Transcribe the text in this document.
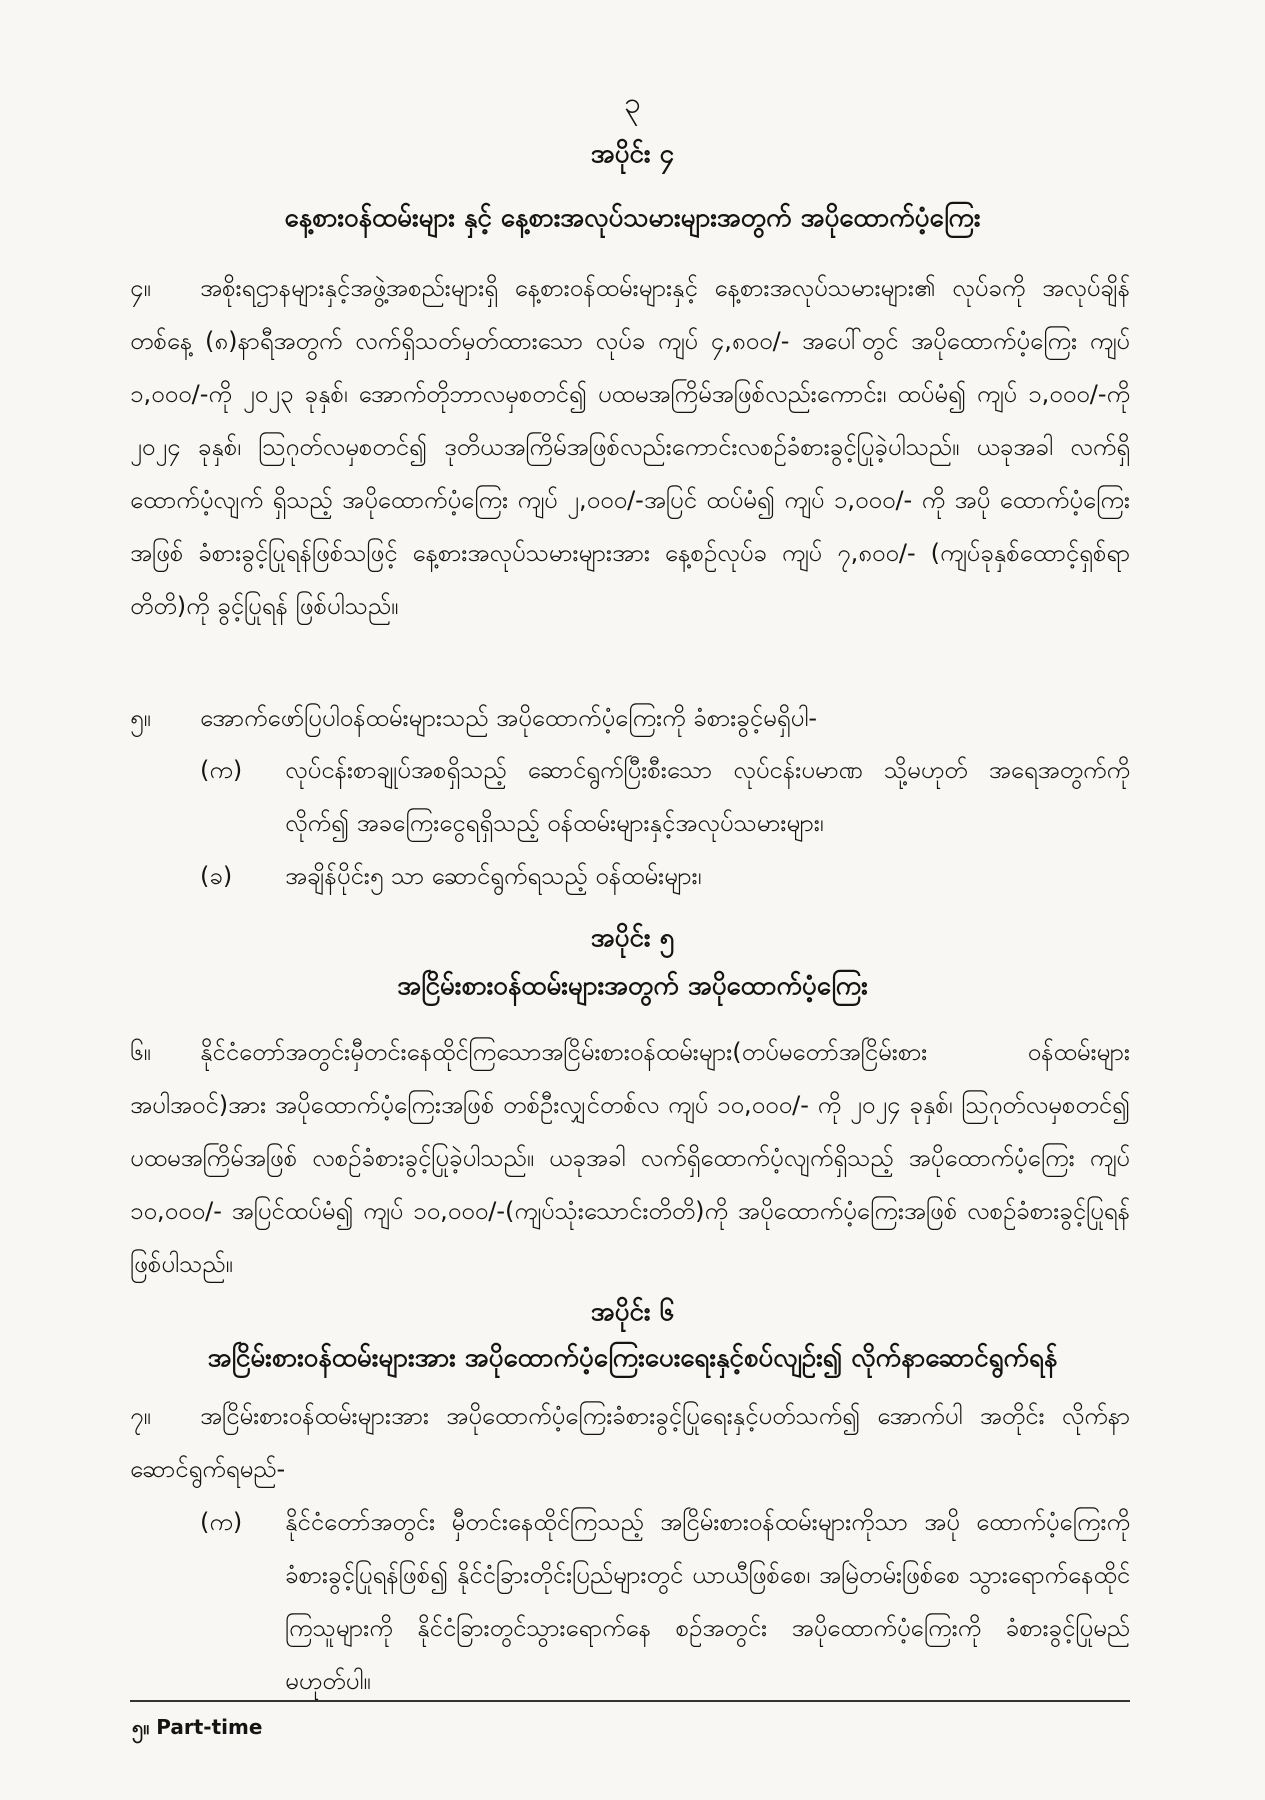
၃
အပိုင်း ၄
နေ့စားဝန်ထမ်းများ နှင့် နေ့စားအလုပ်သမားများအတွက် အပိုထောက်ပံ့ကြေး
၄။ အစိုးရဌာနများနှင့်အဖွဲ့အစည်းများရှိ နေ့စားဝန်ထမ်းများနှင့် နေ့စားအလုပ်သမားများ၏ လုပ်ခကို အလုပ်ချိန် တစ်နေ့ (၈)နာရီအတွက် လက်ရှိသတ်မှတ်ထားသော လုပ်ခ ကျပ် ၄,၈၀၀/- အပေါ်တွင် အပိုထောက်ပံ့ကြေး ကျပ် ၁,၀၀၀/-ကို ၂၀၂၃ ခုနှစ်၊ အောက်တိုဘာလမှစတင်၍ ပထမအကြိမ်အဖြစ်လည်းကောင်း၊ ထပ်မံ၍ ကျပ် ၁,၀၀၀/-ကို ၂၀၂၄ ခုနှစ်၊ ဩဂုတ်လမှစတင်၍ ဒုတိယအကြိမ်အဖြစ်လည်းကောင်းလစဉ်ခံစားခွင့်ပြုခဲ့ပါသည်။ ယခုအခါ လက်ရှိထောက်ပံ့လျက် ရှိသည့် အပိုထောက်ပံ့ကြေး ကျပ် ၂,၀၀၀/-အပြင် ထပ်မံ၍ ကျပ် ၁,၀၀၀/- ကို အပို ထောက်ပံ့ကြေး အဖြစ် ခံစားခွင့်ပြုရန်ဖြစ်သဖြင့် နေ့စားအလုပ်သမားများအား နေ့စဉ်လုပ်ခ ကျပ် ၇,၈၀၀/- (ကျပ်ခုနှစ်ထောင့်ရှစ်ရာတိတိ)ကို ခွင့်ပြုရန် ဖြစ်ပါသည်။
၅။ အောက်ဖော်ပြပါဝန်ထမ်းများသည် အပိုထောက်ပံ့ကြေးကို ခံစားခွင့်မရှိပါ-
(က)	လုပ်ငန်းစာချုပ်အစရှိသည့် ဆောင်ရွက်ပြီးစီးသော လုပ်ငန်းပမာဏ သို့မဟုတ် အရေအတွက်ကိုလိုက်၍ အခကြေးငွေရရှိသည့် ဝန်ထမ်းများနှင့်အလုပ်သမားများ၊
(ခ)	အချိန်ပိုင်း၅ သာ ဆောင်ရွက်ရသည့် ဝန်ထမ်းများ၊
အပိုင်း ၅
အငြိမ်းစားဝန်ထမ်းများအတွက် အပိုထောက်ပံ့ကြေး
၆။ နိုင်ငံတော်အတွင်းမှီတင်းနေထိုင်ကြသောအငြိမ်းစားဝန်ထမ်းများ(တပ်မတော်အငြိမ်းစား ဝန်ထမ်းများအပါအဝင်)အား အပိုထောက်ပံ့ကြေးအဖြစ် တစ်ဦးလျှင်တစ်လ ကျပ် ၁၀,၀၀၀/- ကို ၂၀၂၄ ခုနှစ်၊ ဩဂုတ်လမှစတင်၍ ပထမအကြိမ်အဖြစ် လစဉ်ခံစားခွင့်ပြုခဲ့ပါသည်။ ယခုအခါ လက်ရှိထောက်ပံ့လျက်ရှိသည့် အပိုထောက်ပံ့ကြေး ကျပ် ၁၀,၀၀၀/- အပြင်ထပ်မံ၍ ကျပ် ၁၀,၀၀၀/-(ကျပ်သုံးသောင်းတိတိ)ကို အပိုထောက်ပံ့ကြေးအဖြစ် လစဉ်ခံစားခွင့်ပြုရန် ဖြစ်ပါသည်။
အပိုင်း ၆
အငြိမ်းစားဝန်ထမ်းများအား အပိုထောက်ပံ့ကြေးပေးရေးနှင့်စပ်လျဉ်း၍ လိုက်နာဆောင်ရွက်ရန်
၇။ အငြိမ်းစားဝန်ထမ်းများအား အပိုထောက်ပံ့ကြေးခံစားခွင့်ပြုရေးနှင့်ပတ်သက်၍ အောက်ပါ အတိုင်း လိုက်နာဆောင်ရွက်ရမည်-
(က)	နိုင်ငံတော်အတွင်း မှီတင်းနေထိုင်ကြသည့် အငြိမ်းစားဝန်ထမ်းများကိုသာ အပို ထောက်ပံ့ကြေးကို ခံစားခွင့်ပြုရန်ဖြစ်၍ နိုင်ငံခြားတိုင်းပြည်များတွင် ယာယီဖြစ်စေ၊ အမြဲတမ်းဖြစ်စေ သွားရောက်နေထိုင်ကြသူများကို နိုင်ငံခြားတွင်သွားရောက်နေ စဉ်အတွင်း အပိုထောက်ပံ့ကြေးကို ခံစားခွင့်ပြုမည် မဟုတ်ပါ။
၅။ Part-time
